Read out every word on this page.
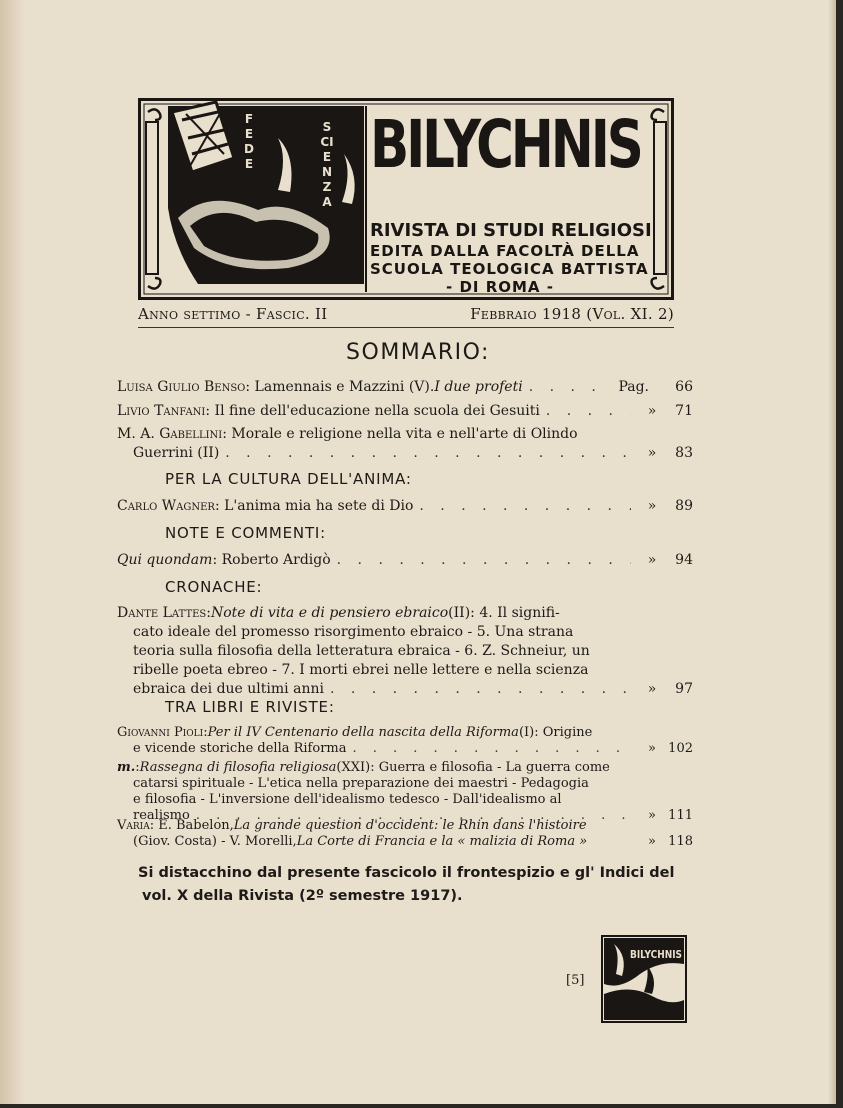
FEDE
SCIENZA
BILYCHNIS
RIVISTA DI STUDI RELIGIOSI
EDITA DALLA FACOLTÀ DELLA
SCUOLA TEOLOGICA BATTISTA
- DI ROMA -
Anno settimo - Fascic. II	Febbraio 1918 (Vol. XI. 2)
SOMMARIO:
Luisa Giulio Benso : Lamennais e Mazzini (V). I due profeti . . .	Pag.	66
Livio Tanfani : Il fine dell'educazione nella scuola dei Gesuiti . . .	»	71
M. A. Gabellini : Morale e religione nella vita e nell'arte di Olindo
Guerrini (II) . . .	»	83
PER LA CULTURA DELL'ANIMA:
Carlo Wagner : L'anima mia ha sete di Dio . . .	»	89
NOTE E COMMENTI:
Qui quondam : Roberto Ardigò . . .	»	94
CRONACHE:
Dante Lattes : Note di vita e di pensiero ebraico (II): 4. Il signifi-
cato ideale del promesso risorgimento ebraico - 5. Una strana
teoria sulla filosofia della letteratura ebraica - 6. Z. Schneiur, un
ribelle poeta ebreo - 7. I morti ebrei nelle lettere e nella scienza
ebraica dei due ultimi anni . . .	»	97
TRA LIBRI E RIVISTE:
Giovanni Pioli : Per il IV Centenario della nascita della Riforma (I): Origine
e vicende storiche della Riforma . . .	» 102
m. : Rassegna di filosofia religiosa (XXI): Guerra e filosofia - La guerra come
catarsi spirituale - L'etica nella preparazione dei maestri - Pedagogia
e filosofia - L'inversione dell'idealismo tedesco - Dall'idealismo al
realismo . . .	» 111
Varia : E. Babelon, La grande question d'occident: le Rhin dans l'histoire
(Giov. Costa) - V. Morelli, La Corte di Francia e la « malizia di Roma »	» 118
Si distacchino dal presente fascicolo il frontespizio e gl' Indici del vol. X della Rivista (2º semestre 1917).
[5]
BILYCHNIS
